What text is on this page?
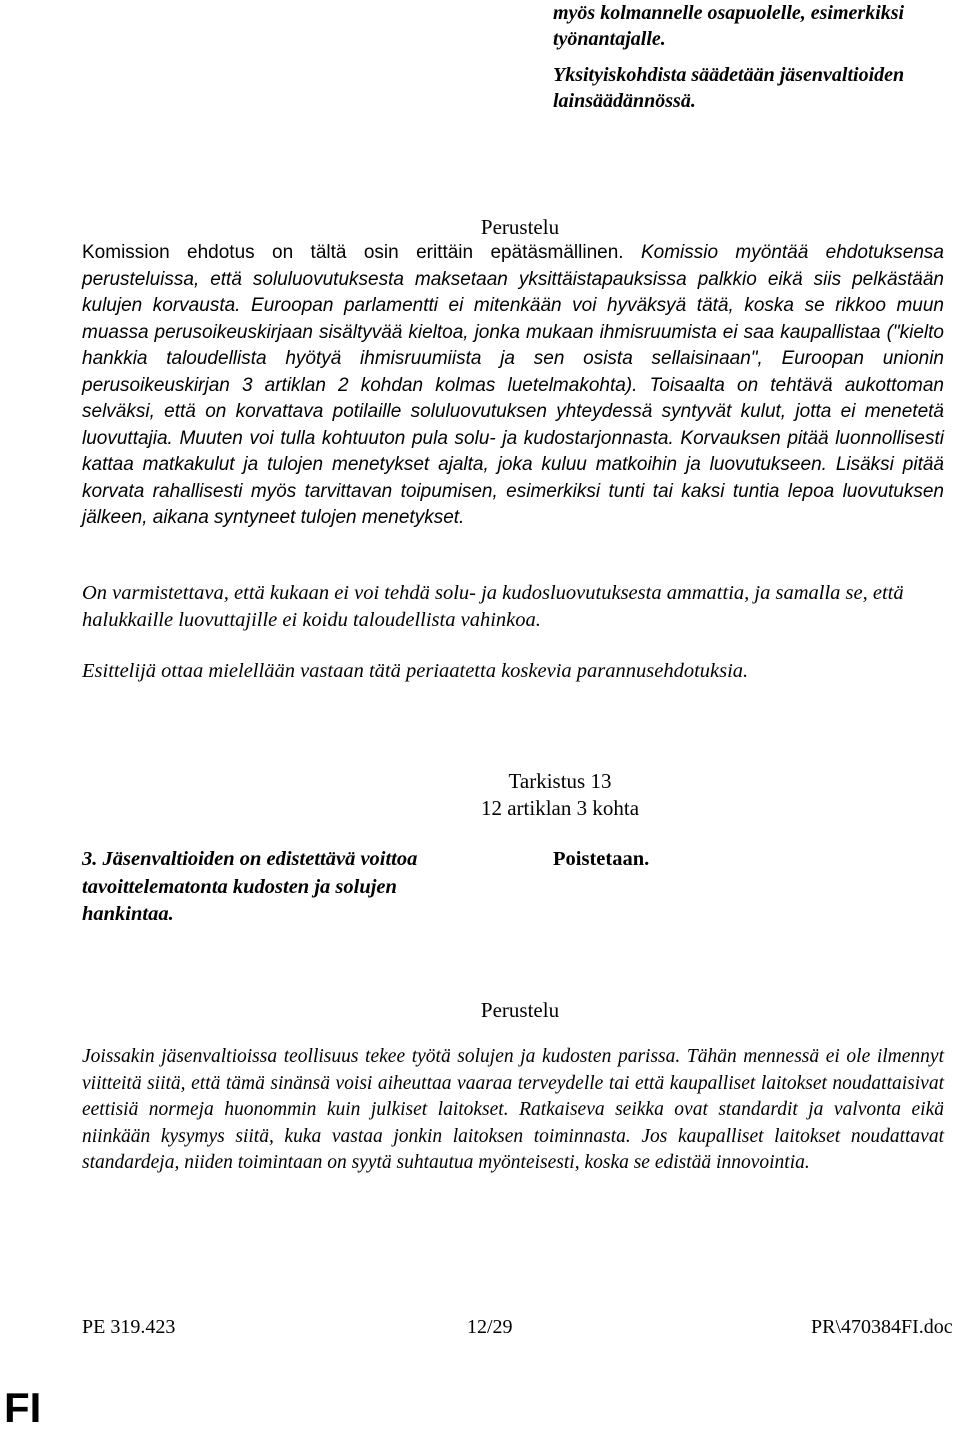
myös kolmannelle osapuolelle, esimerkiksi työnantajalle.

Yksityiskohdista säädetään jäsenvaltioiden lainsäädännössä.

Perustelu
Komission ehdotus on tältä osin erittäin epätäsmällinen. Komissio myöntää ehdotuksensa perusteluissa, että soluluovutuksesta maksetaan yksittäistapauksissa palkkio eikä siis pelkästään kulujen korvausta. Euroopan parlamentti ei mitenkään voi hyväksyä tätä, koska se rikkoo muun muassa perusoikeuskirjaan sisältyvää kieltoa, jonka mukaan ihmisruumista ei saa kaupallistaa ("kielto hankkia taloudellista hyötyä ihmisruumiista ja sen osista sellaisinaan", Euroopan unionin perusoikeuskirjan 3 artiklan 2 kohdan kolmas luetelmakohta). Toisaalta on tehtävä aukottoman selväksi, että on korvattava potilaille soluluovutuksen yhteydessä syntyvät kulut, jotta ei menetetä luovuttajia. Muuten voi tulla kohtuuton pula solu- ja kudostarjonnasta. Korvauksen pitää luonnollisesti kattaa matkakulut ja tulojen menetykset ajalta, joka kuluu matkoihin ja luovutukseen. Lisäksi pitää korvata rahallisesti myös tarvittavan toipumisen, esimerkiksi tunti tai kaksi tuntia lepoa luovutuksen jälkeen, aikana syntyneet tulojen menetykset.
On varmistettava, että kukaan ei voi tehdä solu- ja kudosluovutuksesta ammattia, ja samalla se, että halukkaille luovuttajille ei koidu taloudellista vahinkoa.
Esittelijä ottaa mielellään vastaan tätä periaatetta koskevia parannusehdotuksia.
Tarkistus 13
12 artiklan 3 kohta
3. Jäsenvaltioiden on edistettävä voittoa tavoittelematonta kudosten ja solujen hankintaa.
Poistetaan.
Perustelu
Joissakin jäsenvaltioissa teollisuus tekee työtä solujen ja kudosten parissa. Tähän mennessä ei ole ilmennyt viitteitä siitä, että tämä sinänsä voisi aiheuttaa vaaraa terveydelle tai että kaupalliset laitokset noudattaisivat eettisiä normeja huonommin kuin julkiset laitokset. Ratkaiseva seikka ovat standardit ja valvonta eikä niinkään kysymys siitä, kuka vastaa jonkin laitoksen toiminnasta. Jos kaupalliset laitokset noudattavat standardeja, niiden toimintaan on syytä suhtautua myönteisesti, koska se edistää innovointia.
PE 319.423	12/29	PR\470384FI.doc
FI
